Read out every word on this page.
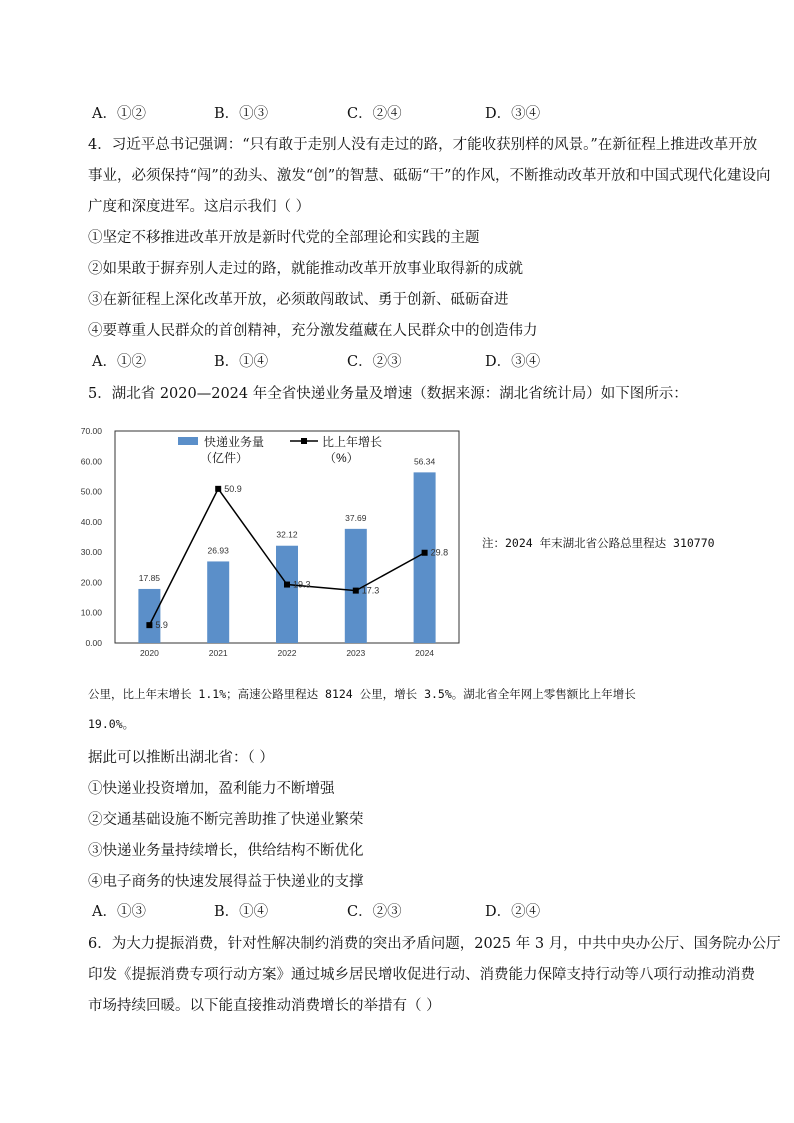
A．①②	B．①③	C．②④	D．③④
4．习近平总书记强调：“只有敢于走别人没有走过的路，才能收获别样的风景。”在新征程上推进改革开放
事业，必须保持“闯”的劲头、激发“创”的智慧、砥砺“干”的作风，不断推动改革开放和中国式现代化建设向
广度和深度进军。这启示我们（ ）
①坚定不移推进改革开放是新时代党的全部理论和实践的主题
②如果敢于摒弃别人走过的路，就能推动改革开放事业取得新的成就
③在新征程上深化改革开放，必须敢闯敢试、勇于创新、砥砺奋进
④要尊重人民群众的首创精神，充分激发蕴藏在人民群众中的创造伟力
A．①②	B．①④	C．②③	D．③④
5．湖北省 2020—2024 年全省快递业务量及增速（数据来源：湖北省统计局）如下图所示：
0.00
10.00
20.00
30.00
40.00
50.00
60.00
70.00
17.85
26.93
32.12
37.69
56.34
5.9
50.9
19.3
17.3
29.8
2020	2021	2022	2023	2024
快递业务量
（亿件）
比上年增长
（%）
注：2024 年末湖北省公路总里程达 310770
公里，比上年末增长 1.1%；高速公路里程达 8124 公里，增长 3.5%。湖北省全年网上零售额比上年增长
19.0%。
据此可以推断出湖北省：（ ）
①快递业投资增加，盈利能力不断增强
②交通基础设施不断完善助推了快递业繁荣
③快递业务量持续增长，供给结构不断优化
④电子商务的快速发展得益于快递业的支撑
A．①③	B．①④	C．②③	D．②④
6．为大力提振消费，针对性解决制约消费的突出矛盾问题，2025 年 3 月，中共中央办公厅、国务院办公厅
印发《提振消费专项行动方案》通过城乡居民增收促进行动、消费能力保障支持行动等八项行动推动消费
市场持续回暖。以下能直接推动消费增长的举措有（ ）
